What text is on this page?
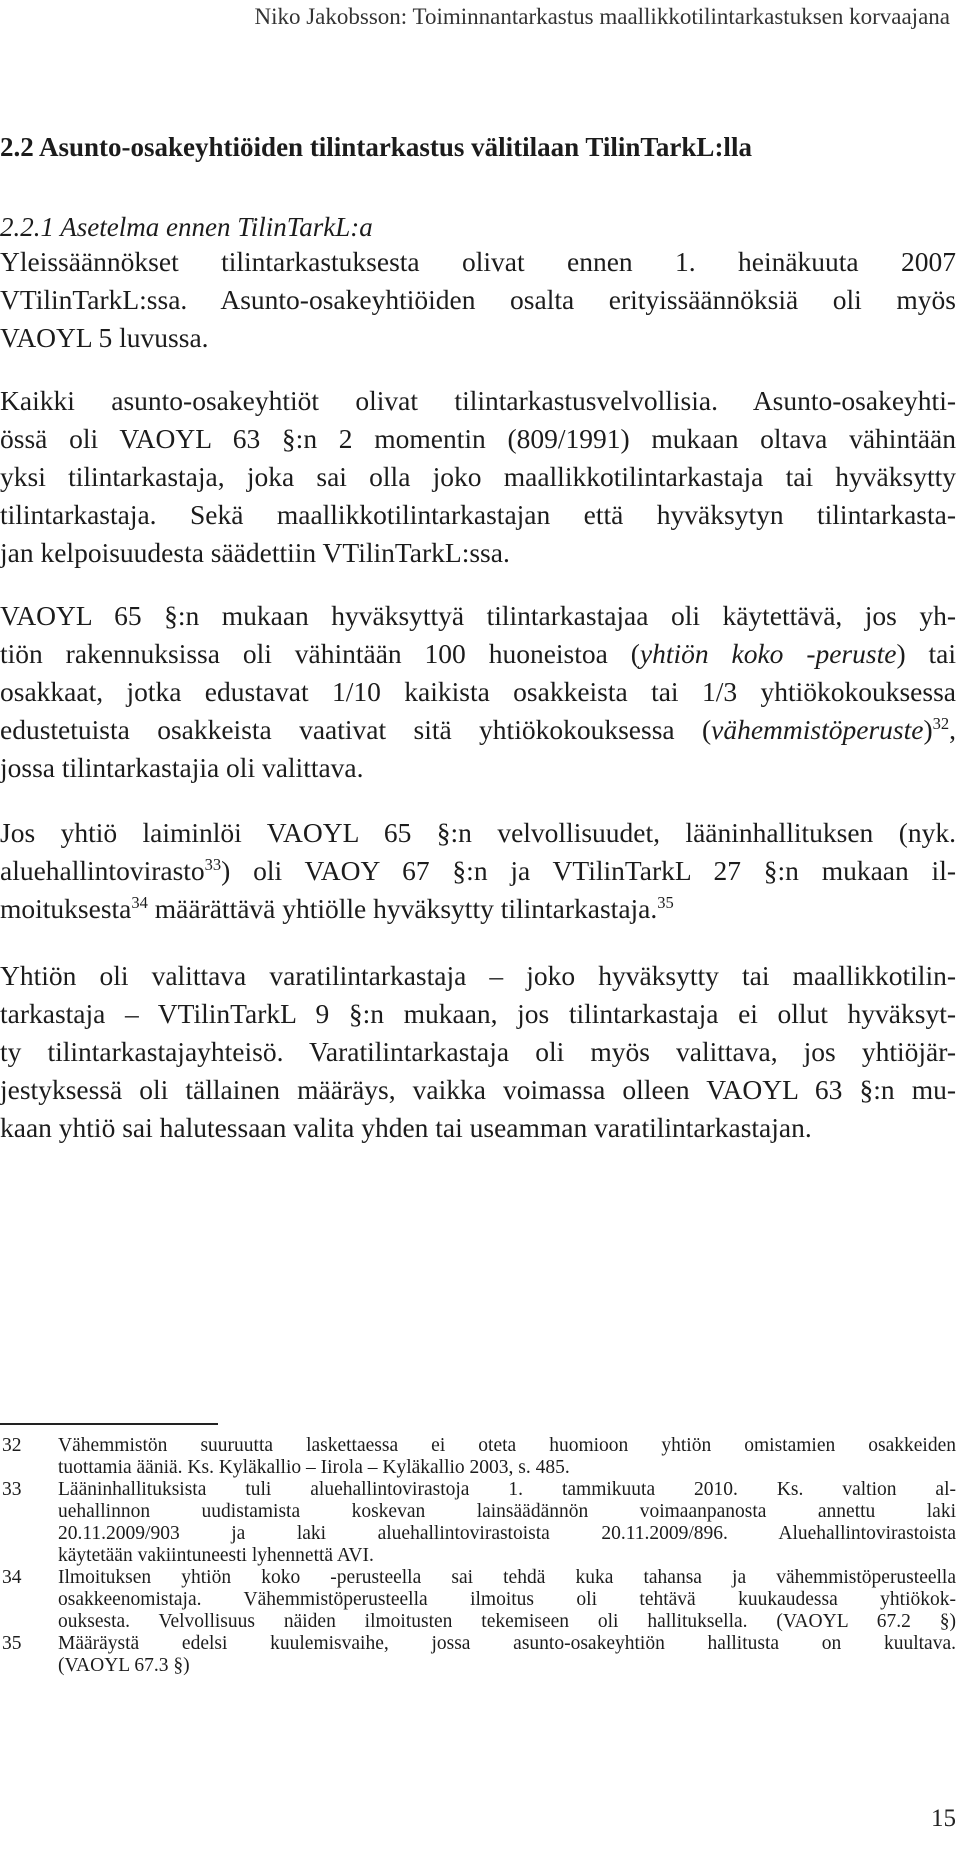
Niko Jakobsson: Toiminnantarkastus maallikkotilintarkastuksen korvaajana
2.2 Asunto-osakeyhtiöiden tilintarkastus välitilaan TilinTarkL:lla
2.2.1 Asetelma ennen TilinTarkL:a
Yleissäännökset tilintarkastuksesta olivat ennen 1. heinäkuuta 2007
VTilinTarkL:ssa. Asunto-osakeyhtiöiden osalta erityissäännöksiä oli myös
VAOYL 5 luvussa.
Kaikki asunto-osakeyhtiöt olivat tilintarkastusvelvollisia. Asunto-osakeyhti-
össä oli VAOYL 63 §:n 2 momentin (809/1991) mukaan oltava vähintään
yksi tilintarkastaja, joka sai olla joko maallikkotilintarkastaja tai hyväksytty
tilintarkastaja. Sekä maallikkotilintarkastajan että hyväksytyn tilintarkasta-
jan kelpoisuudesta säädettiin VTilinTarkL:ssa.
VAOYL 65 §:n mukaan hyväksyttyä tilintarkastajaa oli käytettävä, jos yh-
tiön rakennuksissa oli vähintään 100 huoneistoa (yhtiön koko -peruste) tai
osakkaat, jotka edustavat 1/10 kaikista osakkeista tai 1/3 yhtiökokouksessa
edustetuista osakkeista vaativat sitä yhtiökokouksessa (vähemmistöperuste)$^{32}$,
jossa tilintarkastajia oli valittava.
Jos yhtiö laiminlöi VAOYL 65 §:n velvollisuudet, lääninhallituksen (nyk.
aluehallintovirasto$^{33}$) oli VAOY 67 §:n ja VTilinTarkL 27 §:n mukaan il-
moituksesta$^{34}$ määrättävä yhtiölle hyväksytty tilintarkastaja.$^{35}$
Yhtiön oli valittava varatilintarkastaja – joko hyväksytty tai maallikkotilin-
tarkastaja – VTilinTarkL 9 §:n mukaan, jos tilintarkastaja ei ollut hyväksyt-
ty tilintarkastajayhteisö. Varatilintarkastaja oli myös valittava, jos yhtiöjär-
jestyksessä oli tällainen määräys, vaikka voimassa olleen VAOYL 63 §:n mu-
kaan yhtiö sai halutessaan valita yhden tai useamman varatilintarkastajan.
32 Vähemmistön suuruutta laskettaessa ei oteta huomioon yhtiön omistamien osakkeiden
tuottamia ääniä. Ks. Kyläkallio – Iirola – Kyläkallio 2003, s. 485.
33 Lääninhallituksista tuli aluehallintovirastoja 1. tammikuuta 2010. Ks. valtion al-
uehallinnon uudistamista koskevan lainsäädännön voimaanpanosta annettu laki
20.11.2009/903 ja laki aluehallintovirastoista 20.11.2009/896. Aluehallintovirastoista
käytetään vakiintuneesti lyhennettä AVI.
34 Ilmoituksen yhtiön koko -perusteella sai tehdä kuka tahansa ja vähemmistöperusteella
osakkeenomistaja. Vähemmistöperusteella ilmoitus oli tehtävä kuukaudessa yhtiökok-
ouksesta. Velvollisuus näiden ilmoitusten tekemiseen oli hallituksella. (VAOYL 67.2 §)
35 Määräystä edelsi kuulemisvaihe, jossa asunto-osakeyhtiön hallitusta on kuultava.
(VAOYL 67.3 §)
15
